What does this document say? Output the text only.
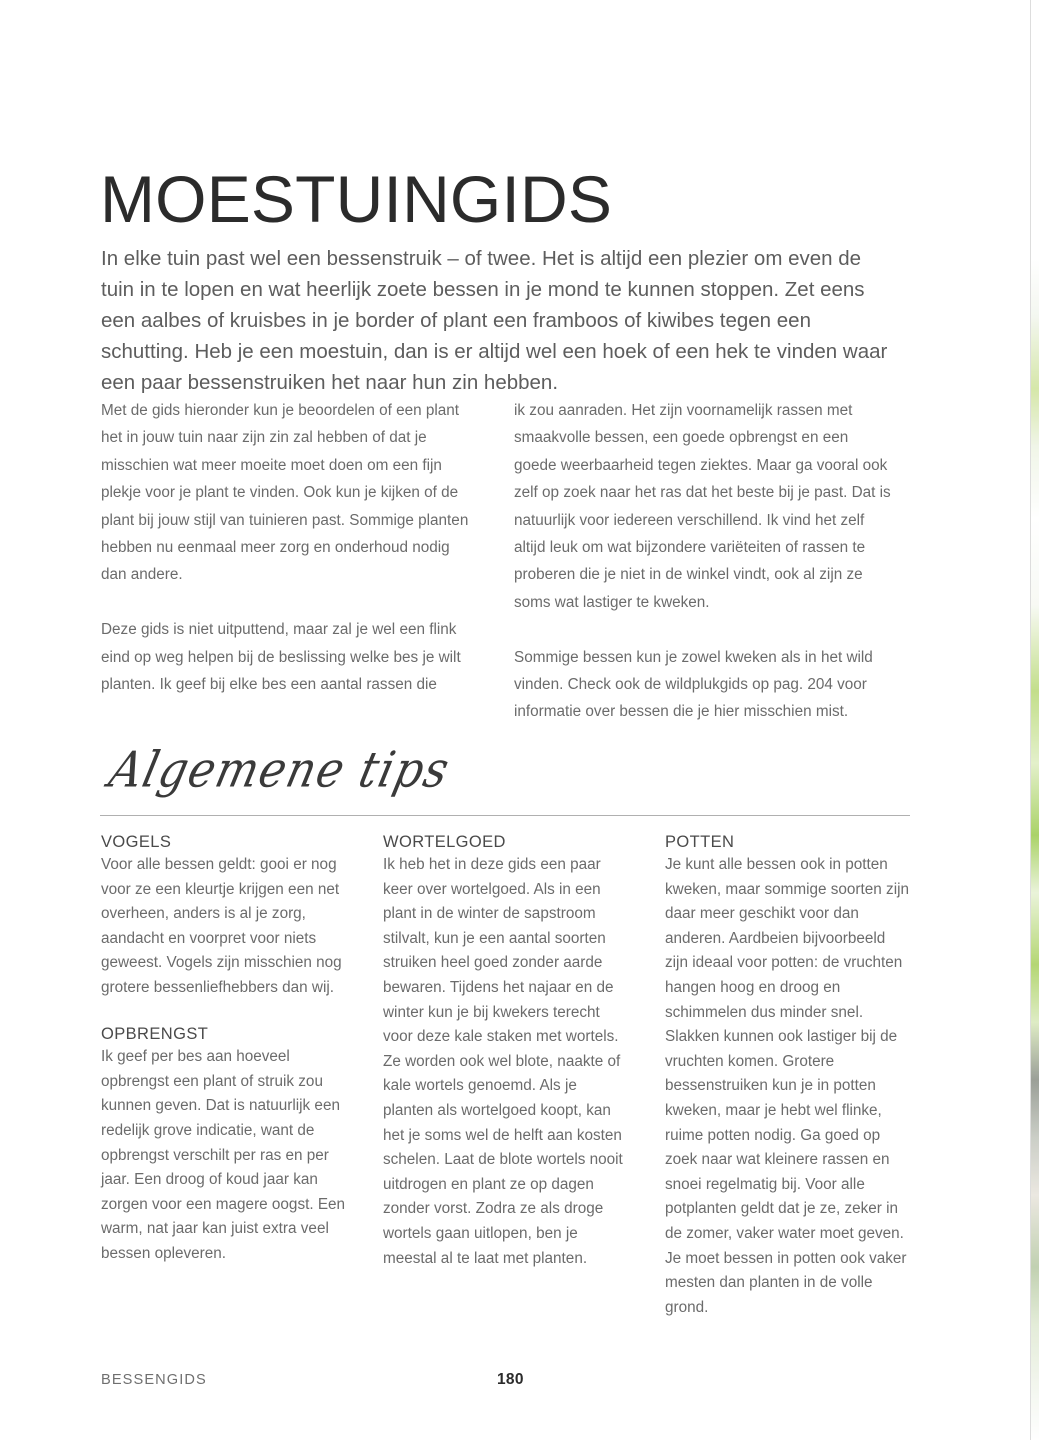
MOESTUINGIDS

In elke tuin past wel een bessenstruik – of twee. Het is altijd een plezier om even de tuin in te lopen en wat heerlijk zoete bessen in je mond te kunnen stoppen. Zet eens een aalbes of kruisbes in je border of plant een framboos of kiwibes tegen een schutting. Heb je een moestuin, dan is er altijd wel een hoek of een hek te vinden waar een paar bessenstruiken het naar hun zin hebben.

Met de gids hieronder kun je beoordelen of een plant het in jouw tuin naar zijn zin zal hebben of dat je misschien wat meer moeite moet doen om een fijn plekje voor je plant te vinden. Ook kun je kijken of de plant bij jouw stijl van tuinieren past. Sommige planten hebben nu eenmaal meer zorg en onderhoud nodig dan andere.

Deze gids is niet uitputtend, maar zal je wel een flink eind op weg helpen bij de beslissing welke bes je wilt planten. Ik geef bij elke bes een aantal rassen die

ik zou aanraden. Het zijn voornamelijk rassen met smaakvolle bessen, een goede opbrengst en een goede weerbaarheid tegen ziektes. Maar ga vooral ook zelf op zoek naar het ras dat het beste bij je past. Dat is natuurlijk voor iedereen verschillend. Ik vind het zelf altijd leuk om wat bijzondere variëteiten of rassen te proberen die je niet in de winkel vindt, ook al zijn ze soms wat lastiger te kweken.

Sommige bessen kun je zowel kweken als in het wild vinden. Check ook de wildplukgids op pag. 204 voor informatie over bessen die je hier misschien mist.

Algemene tips
VOGELS

Voor alle bessen geldt: gooi er nog voor ze een kleurtje krijgen een net overheen, anders is al je zorg, aandacht en voorpret voor niets geweest. Vogels zijn misschien nog grotere bessenliefhebbers dan wij.

OPBRENGST

Ik geef per bes aan hoeveel opbrengst een plant of struik zou kunnen geven. Dat is natuurlijk een redelijk grove indicatie, want de opbrengst verschilt per ras en per jaar. Een droog of koud jaar kan zorgen voor een magere oogst. Een warm, nat jaar kan juist extra veel bessen opleveren.

WORTELGOED

Ik heb het in deze gids een paar keer over wortelgoed. Als in een plant in de winter de sapstroom stilvalt, kun je een aantal soorten struiken heel goed zonder aarde bewaren. Tijdens het najaar en de winter kun je bij kwekers terecht voor deze kale staken met wortels. Ze worden ook wel blote, naakte of kale wortels genoemd. Als je planten als wortelgoed koopt, kan het je soms wel de helft aan kosten schelen. Laat de blote wortels nooit uitdrogen en plant ze op dagen zonder vorst. Zodra ze als droge wortels gaan uitlopen, ben je meestal al te laat met planten.

POTTEN

Je kunt alle bessen ook in potten kweken, maar sommige soorten zijn daar meer geschikt voor dan anderen. Aardbeien bijvoorbeeld zijn ideaal voor potten: de vruchten hangen hoog en droog en schimmelen dus minder snel. Slakken kunnen ook lastiger bij de vruchten komen. Grotere bessenstruiken kun je in potten kweken, maar je hebt wel flinke, ruime potten nodig. Ga goed op zoek naar wat kleinere rassen en snoei regelmatig bij. Voor alle potplanten geldt dat je ze, zeker in de zomer, vaker water moet geven. Je moet bessen in potten ook vaker mesten dan planten in de volle grond.

BESSENGIDS	180
